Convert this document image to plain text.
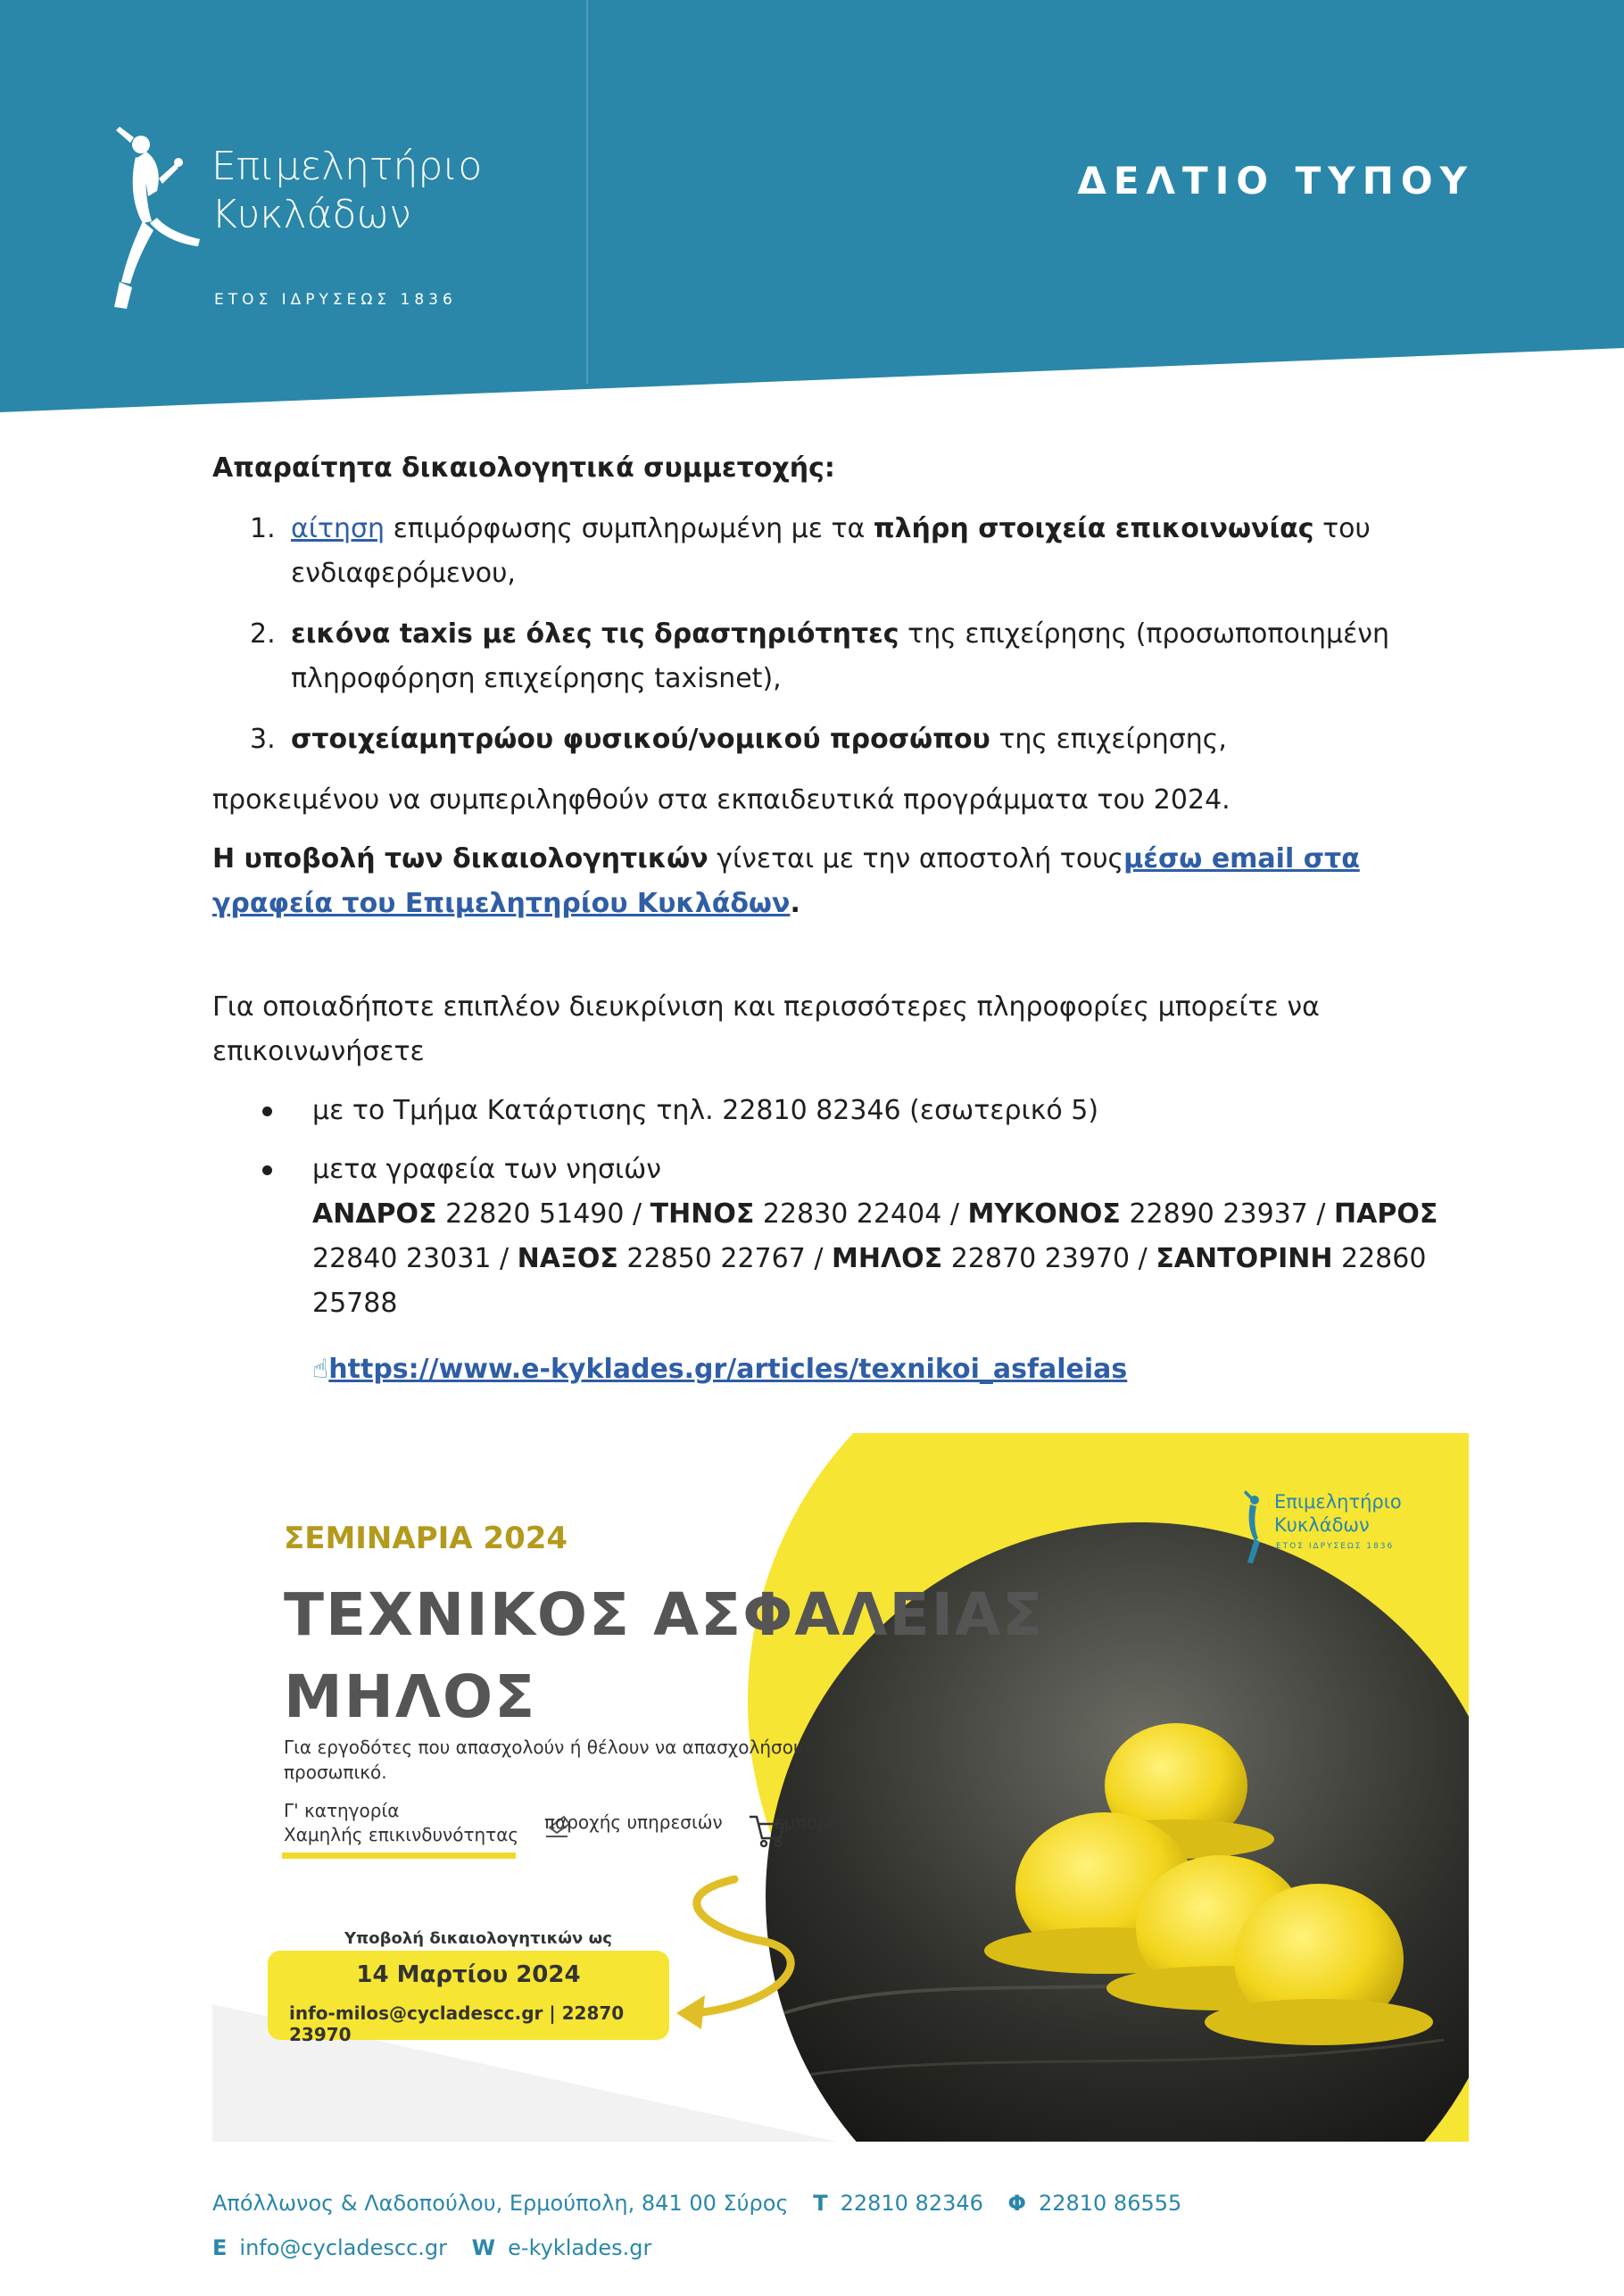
Επιμελητήριο
Κυκλάδων
ΕΤΟΣ ΙΔΡΥΣΕΩΣ 1836
ΔΕΛΤΙΟ ΤΥΠΟΥ

Απαραίτητα δικαιολογητικά συμμετοχής:

1. αίτηση επιμόρφωσης συμπληρωμένη με τα πλήρη στοιχεία επικοινωνίας του ενδιαφερόμενου,
2. εικόνα taxis με όλες τις δραστηριότητες της επιχείρησης (προσωποποιημένη πληροφόρηση επιχείρησης taxisnet),
3. στοιχείαμητρώου φυσικού/νομικού προσώπου της επιχείρησης,

προκειμένου να συμπεριληφθούν στα εκπαιδευτικά προγράμματα του 2024.

Η υποβολή των δικαιολογητικών γίνεται με την αποστολή τουςμέσω email στα γραφεία του Επιμελητηρίου Κυκλάδων.

Για οποιαδήποτε επιπλέον διευκρίνιση και περισσότερες πληροφορίες μπορείτε να επικοινωνήσετε

με το Τμήμα Κατάρτισης τηλ. 22810 82346 (εσωτερικό 5)
μετα γραφεία των νησιών
ΑΝΔΡΟΣ 22820 51490 / ΤΗΝΟΣ 22830 22404 / ΜΥΚΟΝΟΣ 22890 23937 / ΠΑΡΟΣ 22840 23031 / ΝΑΞΟΣ 22850 22767 / ΜΗΛΟΣ 22870 23970 / ΣΑΝΤΟΡΙΝΗ 22860 25788
☝https://www.e-kyklades.gr/articles/texnikoi_asfaleias
ΣΕΜΙΝΑΡΙΑ 2024
ΤΕΧΝΙΚΟΣ ΑΣΦΑΛΕΙΑΣ
ΜΗΛΟΣ
Για εργοδότες που απασχολούν ή θέλουν να απασχολήσουν προσωπικό.
Γ' κατηγορία
Χαμηλής επικινδυνότητας
παροχής υπηρεσιών	εμπορίου
Υποβολή δικαιολογητικών ως
14 Μαρτίου 2024
info-milos@cycladescc.gr | 22870 23970
Επιμελητήριο
Κυκλάδων
ΕΤΟΣ ΙΔΡΥΣΕΩΣ 1836
Απόλλωνος & Λαδοπούλου, Ερμούπολη, 841 00 Σύρος Τ 22810 82346 Φ 22810 86555
E info@cycladescc.gr W e-kyklades.gr
